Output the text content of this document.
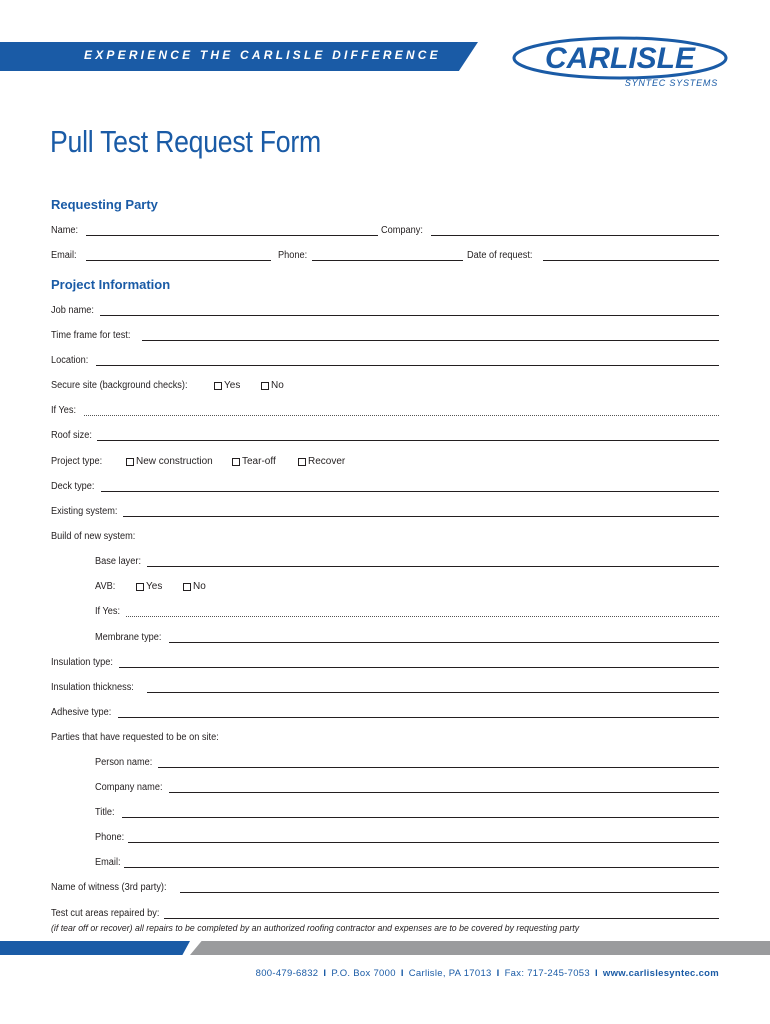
EXPERIENCE THE CARLISLE DIFFERENCE	CARLISLE
SYNTEC SYSTEMS
Pull Test Request Form
Requesting Party
Name:	Company:
Email:	Phone:	Date of request:
Project Information
Job name:
Time frame for test:
Location:
Secure site (background checks):	Yes	No
If Yes:
Roof size:
Project type:	New construction	Tear-off	Recover
Deck type:
Existing system:
Build of new system:
Base layer:
AVB:	Yes	No
If Yes:
Membrane type:
Insulation type:
Insulation thickness:
Adhesive type:
Parties that have requested to be on site:
Person name:
Company name:
Title:
Phone:
Email:
Name of witness (3rd party):
Test cut areas repaired by:
(if tear off or recover) all repairs to be completed by an authorized roofing contractor and expenses are to be covered by requesting party
800-479-6832 I P.O. Box 7000 I Carlisle, PA 17013 I Fax: 717-245-7053 I www.carlislesyntec.com
